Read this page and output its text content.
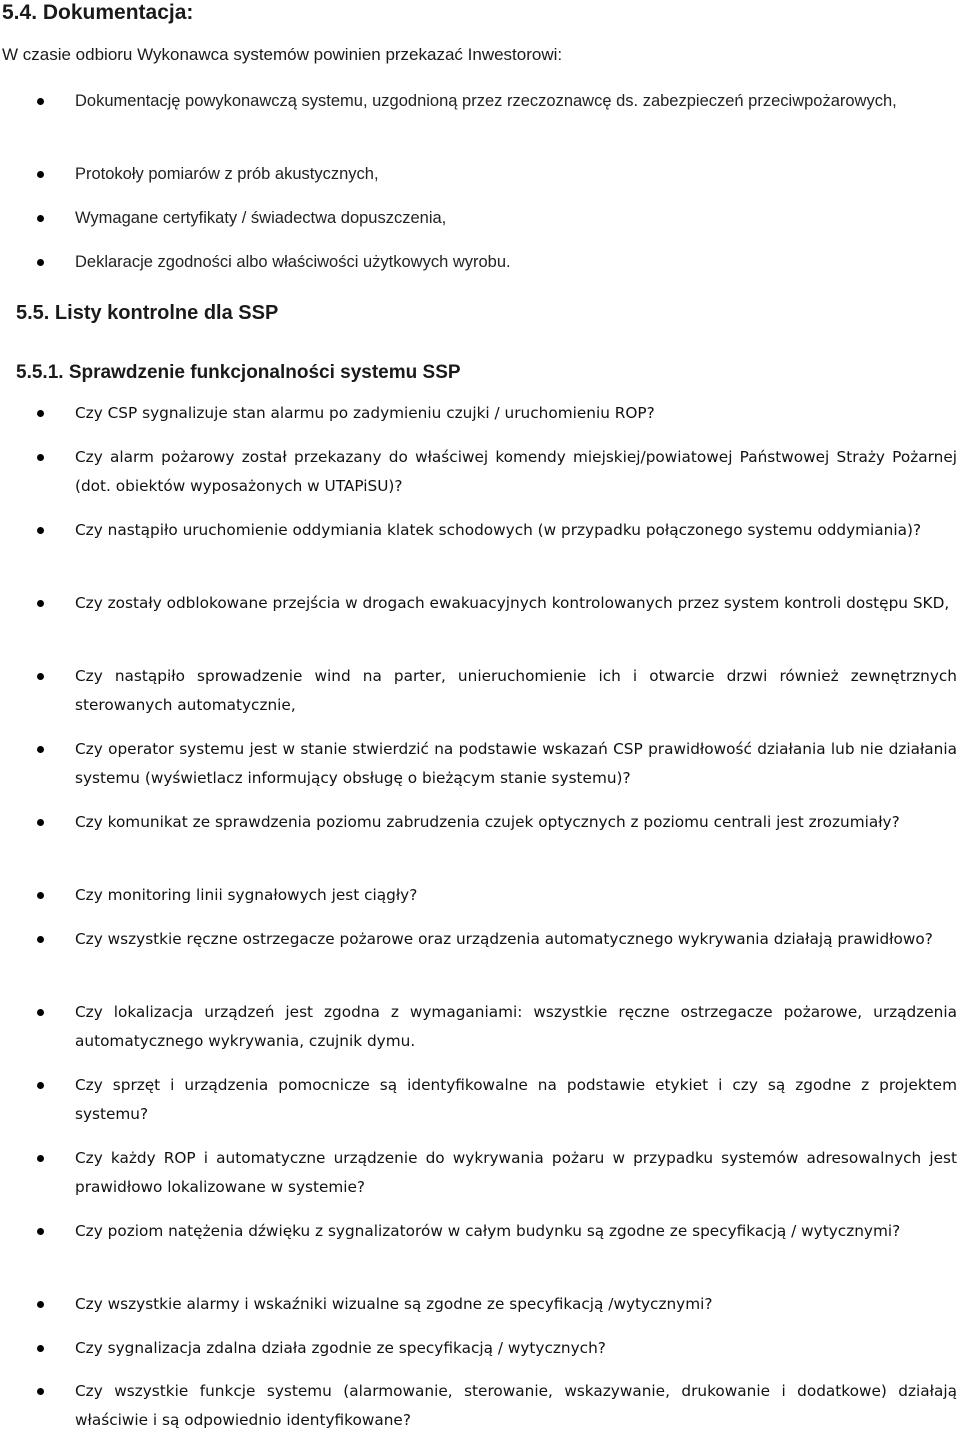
5.4. Dokumentacja:

W czasie odbioru Wykonawca systemów powinien przekazać Inwestorowi:

Dokumentację powykonawczą systemu, uzgodnioną przez rzeczoznawcę ds. zabezpieczeń przeciwpożarowych,

Protokoły pomiarów z prób akustycznych,

Wymagane certyfikaty / świadectwa dopuszczenia,

Deklaracje zgodności albo właściwości użytkowych wyrobu.

5.5. Listy kontrolne dla SSP
5.5.1. Sprawdzenie funkcjonalności systemu SSP

Czy CSP sygnalizuje stan alarmu po zadymieniu czujki / uruchomieniu ROP?

Czy alarm pożarowy został przekazany do właściwej komendy miejskiej/powiatowej Państwowej Straży Pożarnej (dot. obiektów wyposażonych w UTAPiSU)?

Czy nastąpiło uruchomienie oddymiania klatek schodowych (w przypadku połączonego systemu oddymiania)?

Czy zostały odblokowane przejścia w drogach ewakuacyjnych kontrolowanych przez system kontroli dostępu SKD,

Czy nastąpiło sprowadzenie wind na parter, unieruchomienie ich i otwarcie drzwi również zewnętrznych sterowanych automatycznie,

Czy operator systemu jest w stanie stwierdzić na podstawie wskazań CSP prawidłowość działania lub nie działania systemu (wyświetlacz informujący obsługę o bieżącym stanie systemu)?

Czy komunikat ze sprawdzenia poziomu zabrudzenia czujek optycznych z poziomu centrali jest zrozumiały?

Czy monitoring linii sygnałowych jest ciągły?

Czy wszystkie ręczne ostrzegacze pożarowe oraz urządzenia automatycznego wykrywania działają prawidłowo?

Czy lokalizacja urządzeń jest zgodna z wymaganiami: wszystkie ręczne ostrzegacze pożarowe, urządzenia automatycznego wykrywania, czujnik dymu.

Czy sprzęt i urządzenia pomocnicze są identyfikowalne na podstawie etykiet i czy są zgodne z projektem systemu?

Czy każdy ROP i automatyczne urządzenie do wykrywania pożaru w przypadku systemów adresowalnych jest prawidłowo lokalizowane w systemie?

Czy poziom natężenia dźwięku z sygnalizatorów w całym budynku są zgodne ze specyfikacją / wytycznymi?

Czy wszystkie alarmy i wskaźniki wizualne są zgodne ze specyfikacją /wytycznymi?

Czy sygnalizacja zdalna działa zgodnie ze specyfikacją / wytycznych?

Czy wszystkie funkcje systemu (alarmowanie, sterowanie, wskazywanie, drukowanie i dodatkowe) działają właściwie i są odpowiednio identyfikowane?
